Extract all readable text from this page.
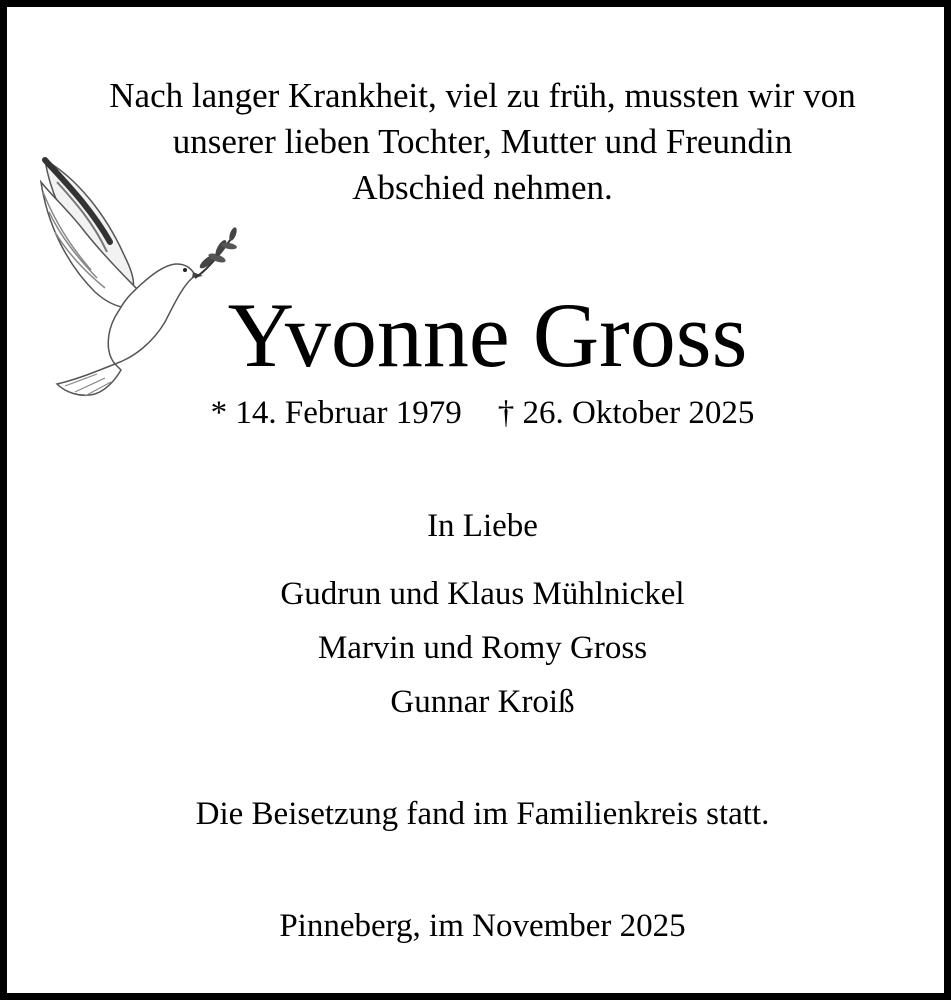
Nach langer Krankheit, viel zu früh, mussten wir von
unserer lieben Tochter, Mutter und Freundin
Abschied nehmen.
Yvonne Gross
* 14. Februar 1979 † 26. Oktober 2025
In Liebe
Gudrun und Klaus Mühlnickel
Marvin und Romy Gross
Gunnar Kroiß
Die Beisetzung fand im Familienkreis statt.
Pinneberg, im November 2025
